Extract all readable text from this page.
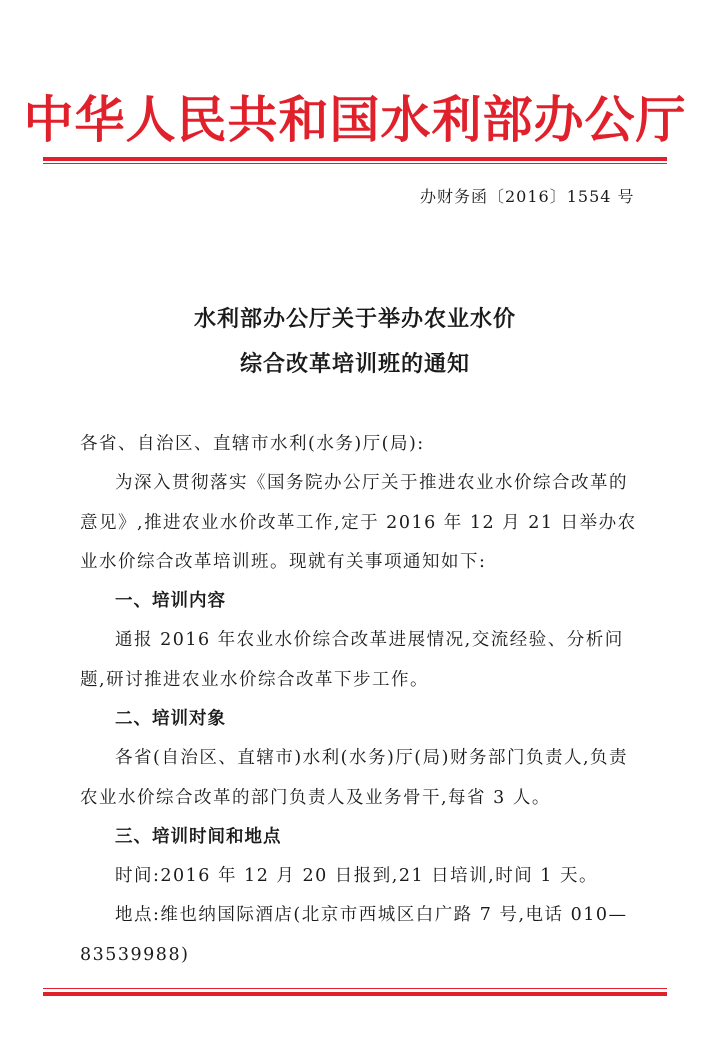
中华人民共和国水利部办公厅

办财务函〔2016〕1554 号

水利部办公厅关于举办农业水价
综合改革培训班的通知

各省、自治区、直辖市水利(水务)厅(局):

为深入贯彻落实《国务院办公厅关于推进农业水价综合改革的意见》,推进农业水价改革工作,定于 2016 年 12 月 21 日举办农业水价综合改革培训班。现就有关事项通知如下:

一、培训内容

通报 2016 年农业水价综合改革进展情况,交流经验、分析问题,研讨推进农业水价综合改革下步工作。

二、培训对象

各省(自治区、直辖市)水利(水务)厅(局)财务部门负责人,负责农业水价综合改革的部门负责人及业务骨干,每省 3 人。

三、培训时间和地点

时间:2016 年 12 月 20 日报到,21 日培训,时间 1 天。

地点:维也纳国际酒店(北京市西城区白广路 7 号,电话 010—83539988)
